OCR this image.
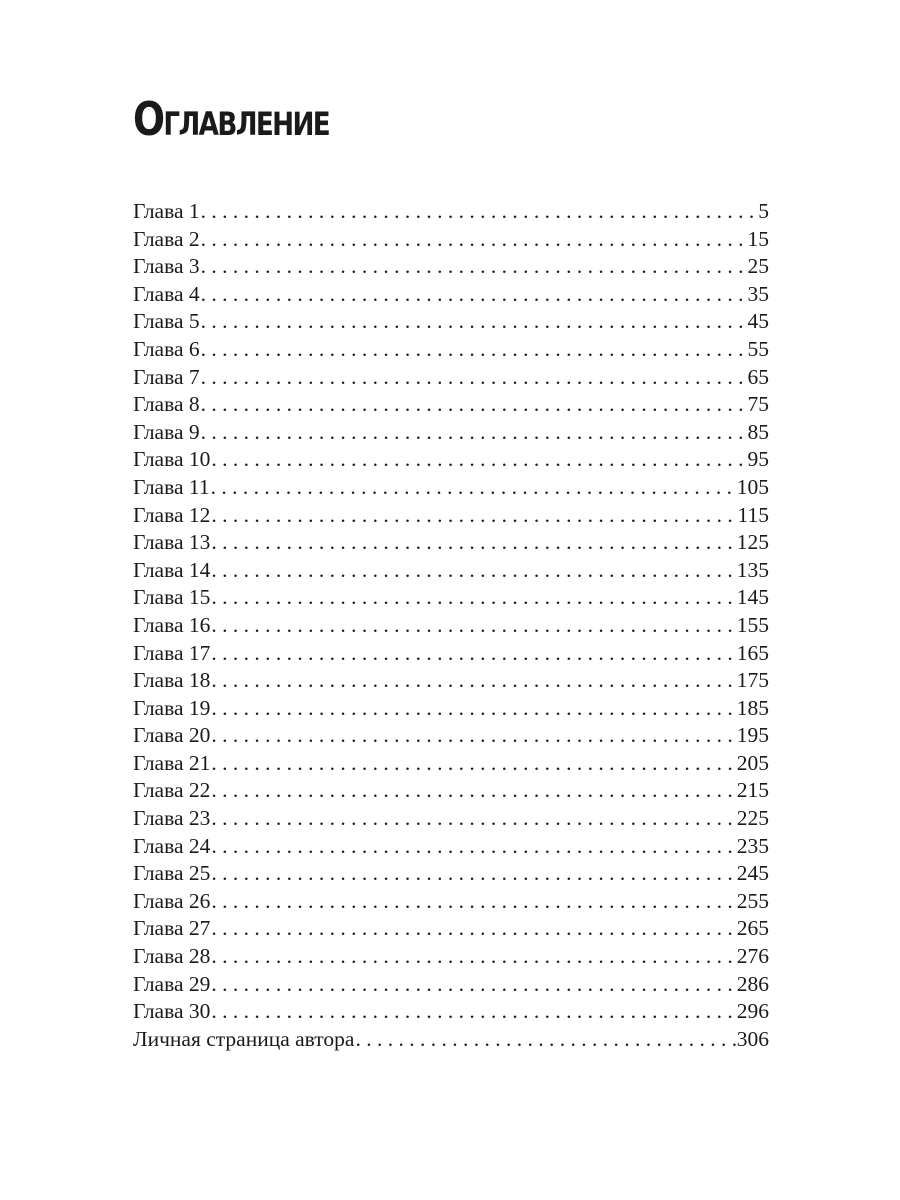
Оглавление
Глава 1 . . .	5
Глава 2 . . .	15
Глава 3 . . .	25
Глава 4 . . .	35
Глава 5 . . .	45
Глава 6 . . .	55
Глава 7 . . .	65
Глава 8 . . .	75
Глава 9 . . .	85
Глава 10 . . .	95
Глава 11 . . .	105
Глава 12 . . .	115
Глава 13 . . .	125
Глава 14 . . .	135
Глава 15 . . .	145
Глава 16 . . .	155
Глава 17 . . .	165
Глава 18 . . .	175
Глава 19 . . .	185
Глава 20 . . .	195
Глава 21 . . .	205
Глава 22 . . .	215
Глава 23 . . .	225
Глава 24 . . .	235
Глава 25 . . .	245
Глава 26 . . .	255
Глава 27 . . .	265
Глава 28 . . .	276
Глава 29 . . .	286
Глава 30 . . .	296
Личная страница автора . . .	306
